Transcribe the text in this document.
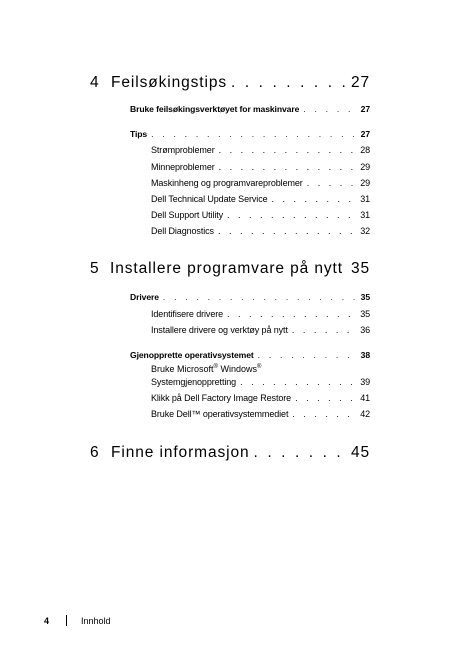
4 Feilsøkingstips . . .	27
Bruke feilsøkingsverktøyet for maskinvare . . .	27
Tips . . .	27
Strømproblemer . . .	28
Minneproblemer . . .	29
Maskinheng og programvareproblemer . . .	29
Dell Technical Update Service . . .	31
Dell Support Utility . . .	31
Dell Diagnostics . . .	32
5 Installere programvare på nytt 35
Drivere . . .	35
Identifisere drivere . . .	35
Installere drivere og verktøy på nytt . . .	36
Gjenopprette operativsystemet . . .	38
Bruke Microsoft® Windows®
Systemgjenoppretting . . .	39
Klikk på Dell Factory Image Restore . . .	41
Bruke Dell™ operativsystemmediet . . .	42
6 Finne informasjon . . .	45
4	Innhold
